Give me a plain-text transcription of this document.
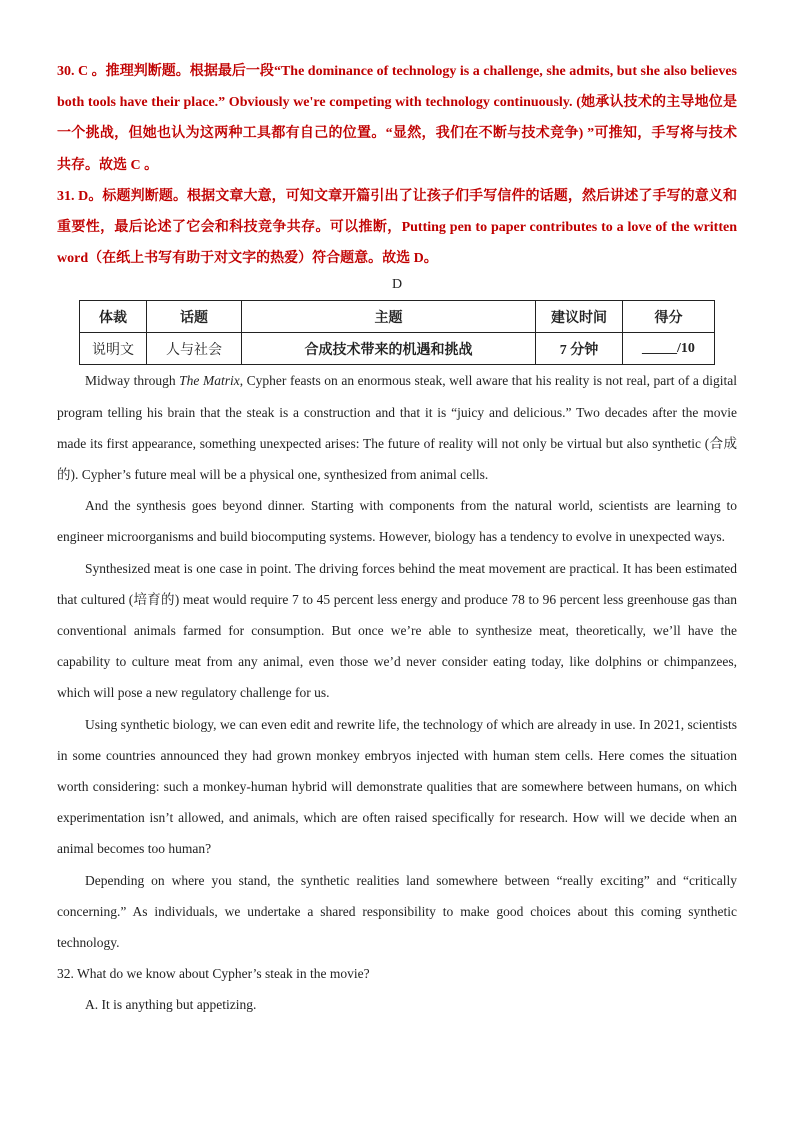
30. C 。推理判断题。根据最后一段“The dominance of technology is a challenge, she admits, but she also believes both tools have their place.” Obviously we're competing with technology continuously. (她承认技术的主导地位是一个挑战，但她也认为这两种工具都有自己的位置。“显然，我们在不断与技术竞争) ”可推知，手写将与技术共存。故选 C 。

31. D。标题判断题。根据文章大意，可知文章开篇引出了让孩子们手写信件的话题，然后讲述了手写的意义和重要性，最后论述了它会和科技竞争共存。可以推断，Putting pen to paper contributes to a love of the written word（在纸上书写有助于对文字的热爱）符合题意。故选 D。

D
体裁	话题	主题	建议时间	得分
说明文	人与社会	合成技术带来的机遇和挑战	7 分钟	_____/10

Midway through The Matrix, Cypher feasts on an enormous steak, well aware that his reality is not real, part of a digital program telling his brain that the steak is a construction and that it is “juicy and delicious.” Two decades after the movie made its first appearance, something unexpected arises: The future of reality will not only be virtual but also synthetic (合成的). Cypher’s future meal will be a physical one, synthesized from animal cells.

And the synthesis goes beyond dinner. Starting with components from the natural world, scientists are learning to engineer microorganisms and build biocomputing systems. However, biology has a tendency to evolve in unexpected ways.

Synthesized meat is one case in point. The driving forces behind the meat movement are practical. It has been estimated that cultured (培育的) meat would require 7 to 45 percent less energy and produce 78 to 96 percent less greenhouse gas than conventional animals farmed for consumption. But once we’re able to synthesize meat, theoretically, we’ll have the capability to culture meat from any animal, even those we’d never consider eating today, like dolphins or chimpanzees, which will pose a new regulatory challenge for us.

Using synthetic biology, we can even edit and rewrite life, the technology of which are already in use. In 2021, scientists in some countries announced they had grown monkey embryos injected with human stem cells. Here comes the situation worth considering: such a monkey-human hybrid will demonstrate qualities that are somewhere between humans, on which experimentation isn’t allowed, and animals, which are often raised specifically for research. How will we decide when an animal becomes too human?

Depending on where you stand, the synthetic realities land somewhere between “really exciting” and “critically concerning.” As individuals, we undertake a shared responsibility to make good choices about this coming synthetic technology.

32. What do we know about Cypher’s steak in the movie?

A. It is anything but appetizing.
